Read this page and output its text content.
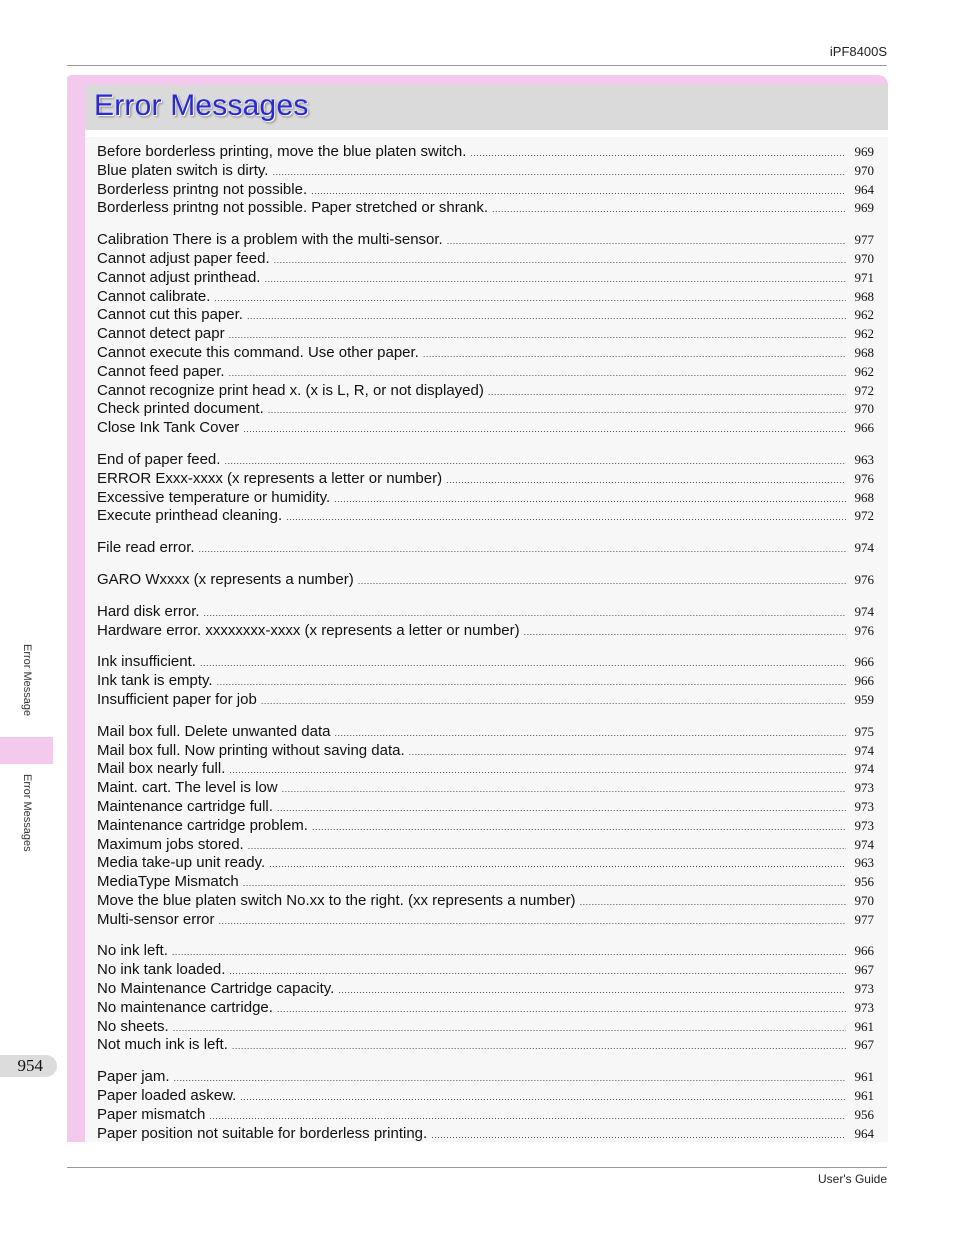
iPF8400S
Error Messages
Before borderless printing, move the blue platen switch. .....	969
Blue platen switch is dirty. .....	970
Borderless printng not possible. .....	964
Borderless printng not possible. Paper stretched or shrank. .....	969
Calibration There is a problem with the multi-sensor. .....	977
Cannot adjust paper feed. .....	970
Cannot adjust printhead. .....	971
Cannot calibrate. .....	968
Cannot cut this paper. .....	962
Cannot detect papr .....	962
Cannot execute this command. Use other paper. .....	968
Cannot feed paper. .....	962
Cannot recognize print head x. (x is L, R, or not displayed) .....	972
Check printed document. .....	970
Close Ink Tank Cover .....	966
End of paper feed. .....	963
ERROR Exxx-xxxx (x represents a letter or number) .....	976
Excessive temperature or humidity. .....	968
Execute printhead cleaning. .....	972
File read error. .....	974
GARO Wxxxx (x represents a number) .....	976
Hard disk error. .....	974
Hardware error. xxxxxxxx-xxxx (x represents a letter or number) .....	976
Ink insufficient. .....	966
Ink tank is empty. .....	966
Insufficient paper for job .....	959
Mail box full. Delete unwanted data .....	975
Mail box full. Now printing without saving data. .....	974
Mail box nearly full. .....	974
Maint. cart. The level is low .....	973
Maintenance cartridge full. .....	973
Maintenance cartridge problem. .....	973
Maximum jobs stored. .....	974
Media take-up unit ready. .....	963
MediaType Mismatch .....	956
Move the blue platen switch No.xx to the right. (xx represents a number) .....	970
Multi-sensor error .....	977
No ink left. .....	966
No ink tank loaded. .....	967
No Maintenance Cartridge capacity. .....	973
No maintenance cartridge. .....	973
No sheets. .....	961
Not much ink is left. .....	967
Paper jam. .....	961
Paper loaded askew. .....	961
Paper mismatch .....	956
Paper position not suitable for borderless printing. .....	964
Error Message
Error Messages
954
User's Guide
